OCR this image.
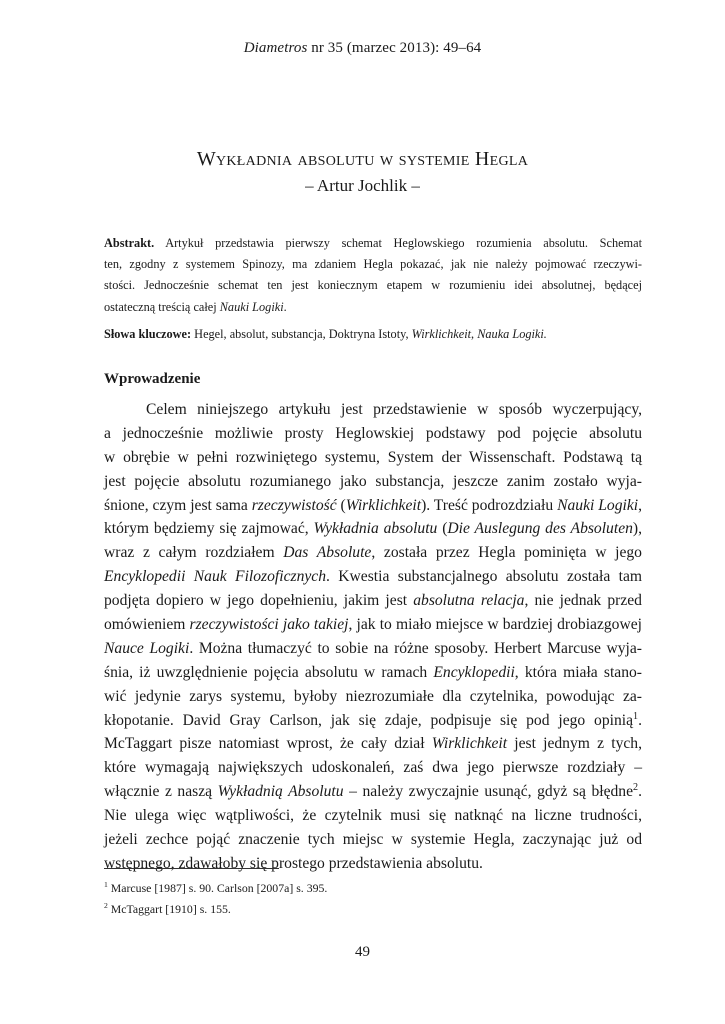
Diametros nr 35 (marzec 2013): 49–64
Wykładnia absolutu w systemie Hegla
– Artur Jochlik –
Abstrakt. Artykuł przedstawia pierwszy schemat Heglowskiego rozumienia absolutu. Schemat
ten, zgodny z systemem Spinozy, ma zdaniem Hegla pokazać, jak nie należy pojmować rzeczywi-
stości. Jednocześnie schemat ten jest koniecznym etapem w rozumieniu idei absolutnej, będącej
ostateczną treścią całej Nauki Logiki.
Słowa kluczowe: Hegel, absolut, substancja, Doktryna Istoty, Wirklichkeit, Nauka Logiki.
Wprowadzenie
Celem niniejszego artykułu jest przedstawienie w sposób wyczerpujący,
a jednocześnie możliwie prosty Heglowskiej podstawy pod pojęcie absolutu
w obrębie w pełni rozwiniętego systemu, System der Wissenschaft. Podstawą tą
jest pojęcie absolutu rozumianego jako substancja, jeszcze zanim zostało wyja-
śnione, czym jest sama rzeczywistość (Wirklichkeit). Treść podrozdziału Nauki Logiki,
którym będziemy się zajmować, Wykładnia absolutu (Die Auslegung des Absoluten),
wraz z całym rozdziałem Das Absolute, została przez Hegla pominięta w jego
Encyklopedii Nauk Filozoficznych. Kwestia substancjalnego absolutu została tam
podjęta dopiero w jego dopełnieniu, jakim jest absolutna relacja, nie jednak przed
omówieniem rzeczywistości jako takiej, jak to miało miejsce w bardziej drobiazgowej
Nauce Logiki. Można tłumaczyć to sobie na różne sposoby. Herbert Marcuse wyja-
śnia, iż uwzględnienie pojęcia absolutu w ramach Encyklopedii, która miała stano-
wić jedynie zarys systemu, byłoby niezrozumiałe dla czytelnika, powodując za-
kłopotanie. David Gray Carlson, jak się zdaje, podpisuje się pod jego opinią$^1$.
McTaggart pisze natomiast wprost, że cały dział Wirklichkeit jest jednym z tych,
które wymagają największych udoskonaleń, zaś dwa jego pierwsze rozdziały –
włącznie z naszą Wykładnią Absolutu – należy zwyczajnie usunąć, gdyż są błędne$^2$.
Nie ulega więc wątpliwości, że czytelnik musi się natknąć na liczne trudności,
jeżeli zechce pojąć znaczenie tych miejsc w systemie Hegla, zaczynając już od
wstępnego, zdawałoby się prostego przedstawienia absolutu.
$^1$ Marcuse [1987] s. 90. Carlson [2007a] s. 395.
$^2$ McTaggart [1910] s. 155.
49
